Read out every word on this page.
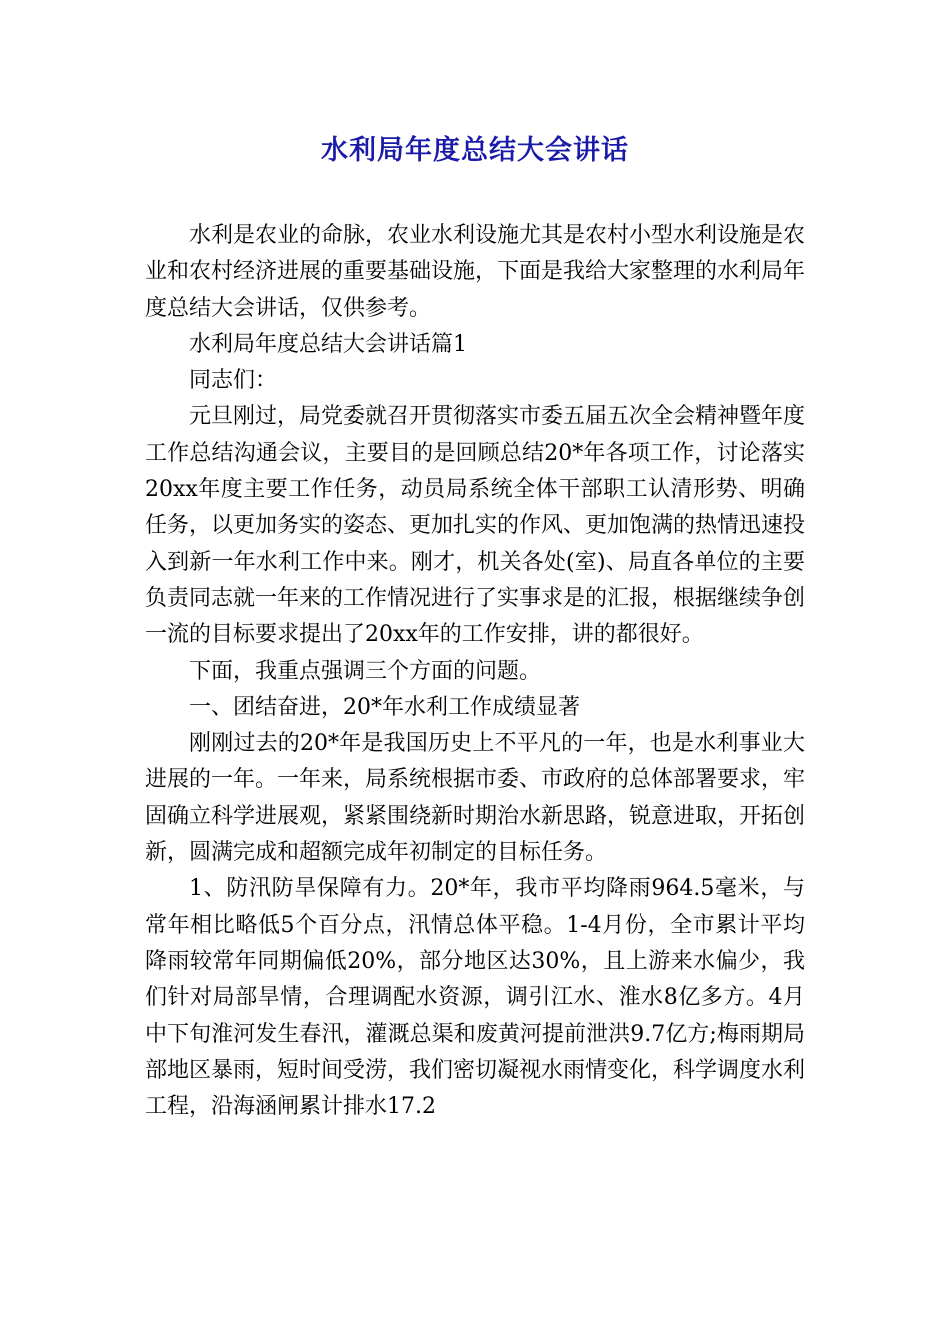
水利局年度总结大会讲话

水利是农业的命脉，农业水利设施尤其是农村小型水利设施是农业和农村经济进展的重要基础设施，下面是我给大家整理的水利局年度总结大会讲话，仅供参考。

水利局年度总结大会讲话篇1

同志们：

元旦刚过，局党委就召开贯彻落实市委五届五次全会精神暨年度工作总结沟通会议，主要目的是回顾总结20*年各项工作，讨论落实20xx年度主要工作任务，动员局系统全体干部职工认清形势、明确任务，以更加务实的姿态、更加扎实的作风、更加饱满的热情迅速投入到新一年水利工作中来。刚才，机关各处(室)、局直各单位的主要负责同志就一年来的工作情况进行了实事求是的汇报，根据继续争创一流的目标要求提出了20xx年的工作安排，讲的都很好。

下面，我重点强调三个方面的问题。

一、团结奋进，20*年水利工作成绩显著

刚刚过去的20*年是我国历史上不平凡的一年，也是水利事业大进展的一年。一年来，局系统根据市委、市政府的总体部署要求，牢固确立科学进展观，紧紧围绕新时期治水新思路，锐意进取，开拓创新，圆满完成和超额完成年初制定的目标任务。

1、防汛防旱保障有力。20*年，我市平均降雨964.5毫米，与常年相比略低5个百分点，汛情总体平稳。1-4月份，全市累计平均降雨较常年同期偏低20%，部分地区达30%，且上游来水偏少，我们针对局部旱情，合理调配水资源，调引江水、淮水8亿多方。4月中下旬淮河发生春汛，灌溉总渠和废黄河提前泄洪9.7亿方;梅雨期局部地区暴雨，短时间受涝，我们密切凝视水雨情变化，科学调度水利工程，沿海涵闸累计排水17.2
